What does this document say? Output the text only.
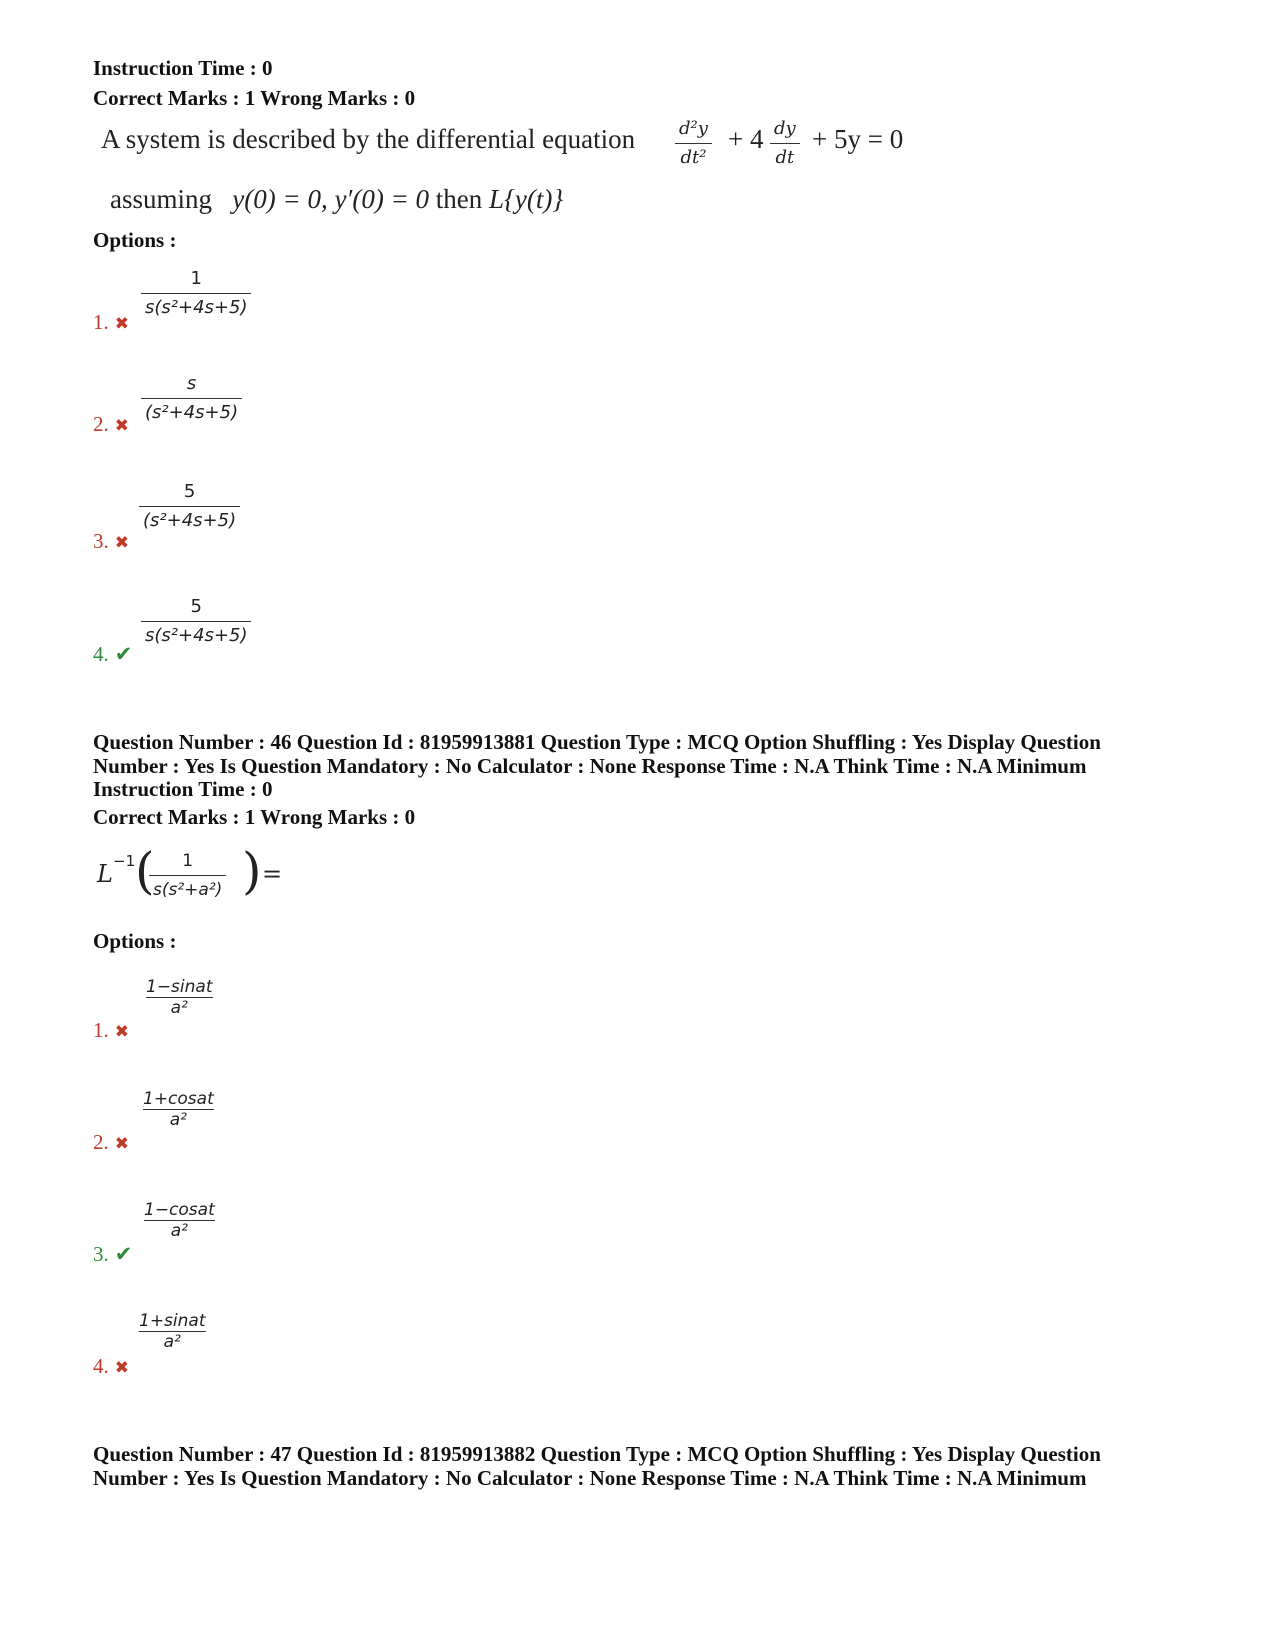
Instruction Time : 0
Correct Marks : 1 Wrong Marks : 0
A system is described by the differential equation d²y
dt²
+ 4 dy
dt
+ 5y = 0
assuming y(0) = 0, y′(0) = 0 then L{y(t)}
Options :
1
s(s²+4s+5)
1. ✖
s
(s²+4s+5)
2. ✖
5
(s²+4s+5)
3. ✖
5
s(s²+4s+5)
4. ✔
Question Number : 46 Question Id : 81959913881 Question Type : MCQ Option Shuffling : Yes Display Question
Number : Yes Is Question Mandatory : No Calculator : None Response Time : N.A Think Time : N.A Minimum
Instruction Time : 0
Correct Marks : 1 Wrong Marks : 0
L −1 ( 1
s(s²+a²) ) =
Options :
1−sinat
a²
1. ✖
1+cosat
a²
2. ✖
1−cosat
a²
3. ✔
1+sinat
a²
4. ✖
Question Number : 47 Question Id : 81959913882 Question Type : MCQ Option Shuffling : Yes Display Question
Number : Yes Is Question Mandatory : No Calculator : None Response Time : N.A Think Time : N.A Minimum
